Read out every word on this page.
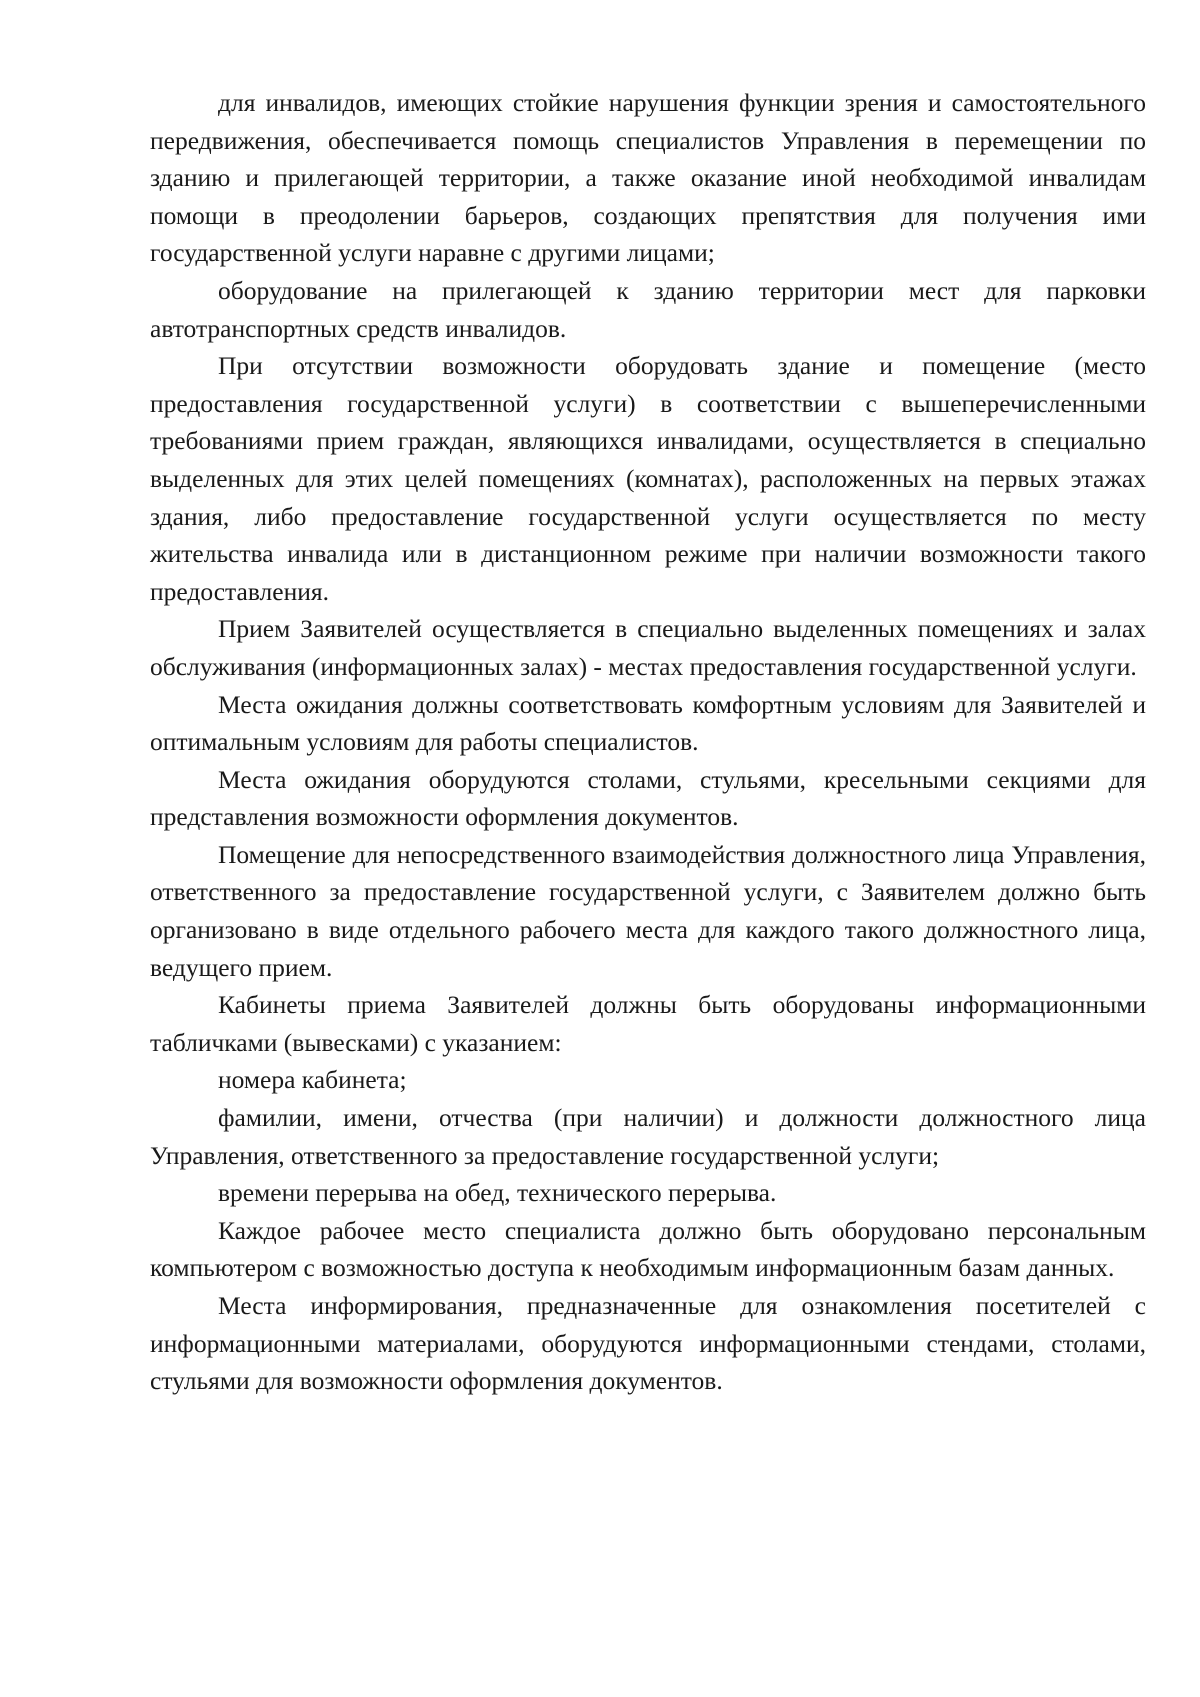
для инвалидов, имеющих стойкие нарушения функции зрения и самостоятельного передвижения, обеспечивается помощь специалистов Управления в перемещении по зданию и прилегающей территории, а также оказание иной необходимой инвалидам помощи в преодолении барьеров, создающих препятствия для получения ими государственной услуги наравне с другими лицами;

оборудование на прилегающей к зданию территории мест для парковки автотранспортных средств инвалидов.

При отсутствии возможности оборудовать здание и помещение (место предоставления государственной услуги) в соответствии с вышеперечисленными требованиями прием граждан, являющихся инвалидами, осуществляется в специально выделенных для этих целей помещениях (комнатах), расположенных на первых этажах здания, либо предоставление государственной услуги осуществляется по месту жительства инвалида или в дистанционном режиме при наличии возможности такого предоставления.

Прием Заявителей осуществляется в специально выделенных помещениях и залах обслуживания (информационных залах) - местах предоставления государственной услуги.

Места ожидания должны соответствовать комфортным условиям для Заявителей и оптимальным условиям для работы специалистов.

Места ожидания оборудуются столами, стульями, кресельными секциями для представления возможности оформления документов.

Помещение для непосредственного взаимодействия должностного лица Управления, ответственного за предоставление государственной услуги, с Заявителем должно быть организовано в виде отдельного рабочего места для каждого такого должностного лица, ведущего прием.

Кабинеты приема Заявителей должны быть оборудованы информационными табличками (вывесками) с указанием:

номера кабинета;

фамилии, имени, отчества (при наличии) и должности должностного лица Управления, ответственного за предоставление государственной услуги;

времени перерыва на обед, технического перерыва.

Каждое рабочее место специалиста должно быть оборудовано персональным компьютером с возможностью доступа к необходимым информационным базам данных.

Места информирования, предназначенные для ознакомления посетителей с информационными материалами, оборудуются информационными стендами, столами, стульями для возможности оформления документов.
